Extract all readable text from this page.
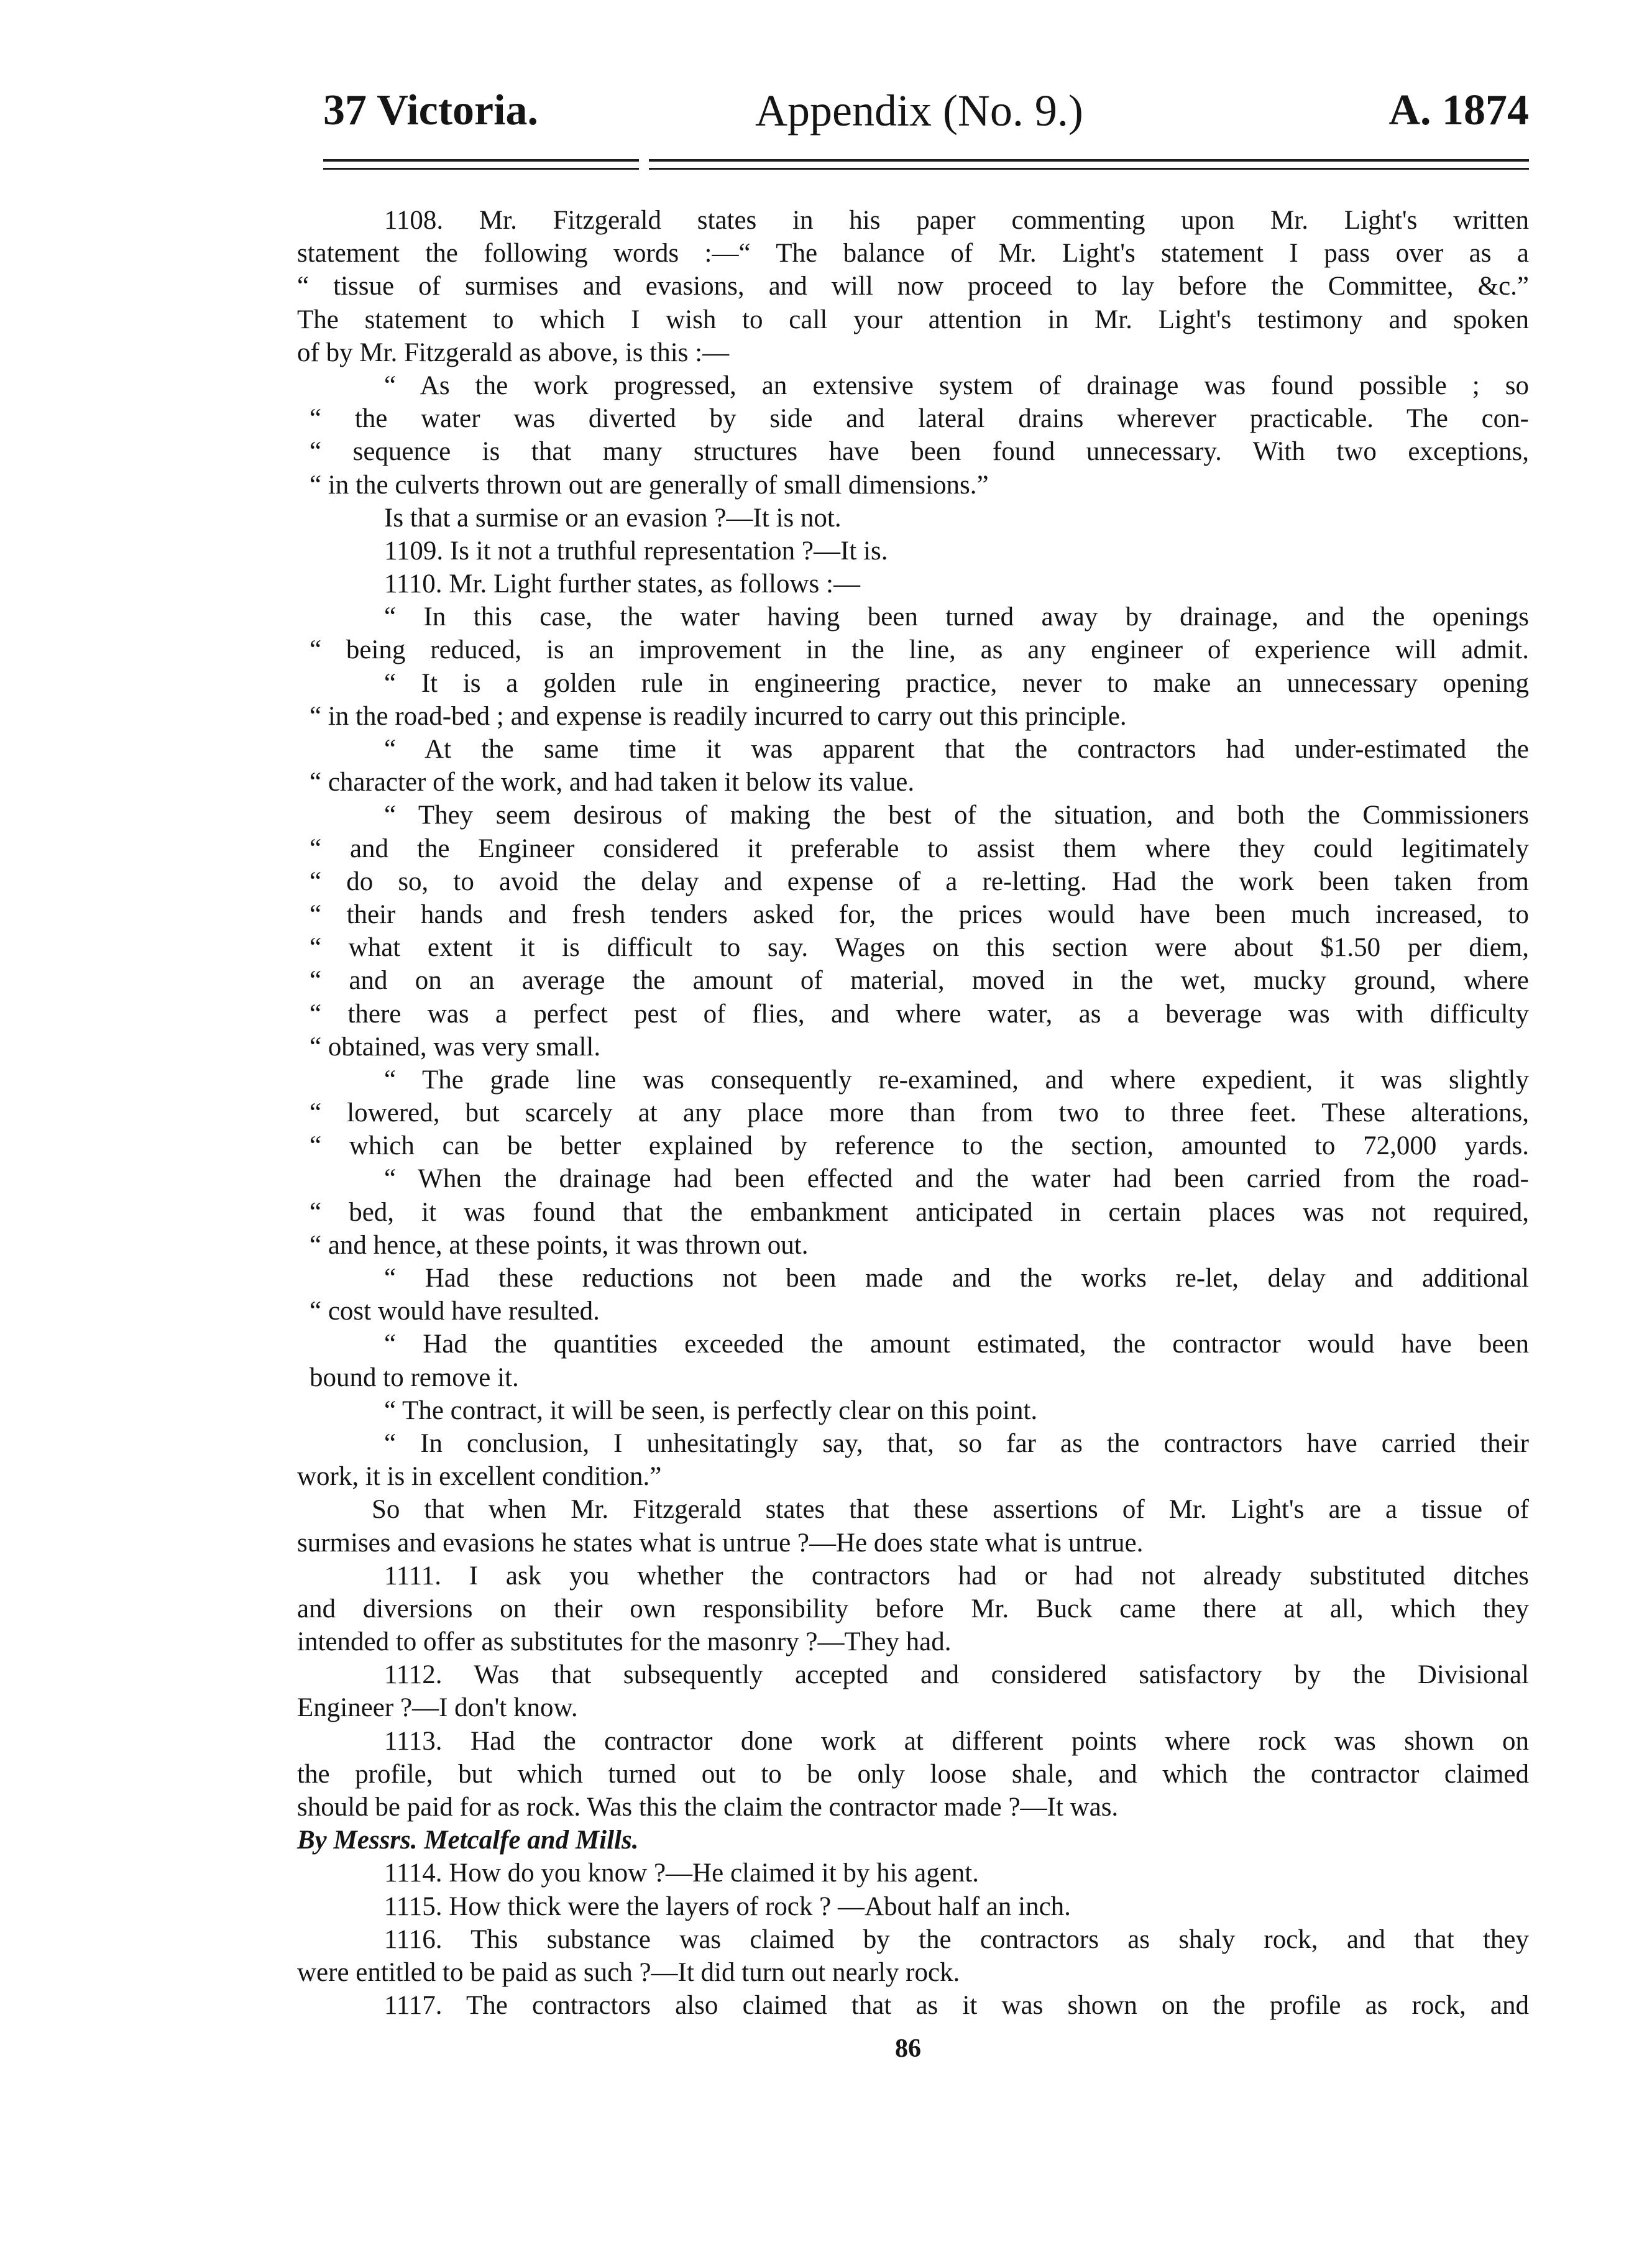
37 Victoria.	Appendix (No. 9.)	A. 1874
1108. Mr. Fitzgerald states in his paper commenting upon Mr. Light's written
statement the following words :—“ The balance of Mr. Light's statement I pass over as a
“ tissue of surmises and evasions, and will now proceed to lay before the Committee, &c.”
The statement to which I wish to call your attention in Mr. Light's testimony and spoken
of by Mr. Fitzgerald as above, is this :—
“ As the work progressed, an extensive system of drainage was found possible ; so
“ the water was diverted by side and lateral drains wherever practicable. The con-
“ sequence is that many structures have been found unnecessary. With two exceptions,
“ in the culverts thrown out are generally of small dimensions.”
Is that a surmise or an evasion ?—It is not.
1109. Is it not a truthful representation ?—It is.
1110. Mr. Light further states, as follows :—
“ In this case, the water having been turned away by drainage, and the openings
“ being reduced, is an improvement in the line, as any engineer of experience will admit.
“ It is a golden rule in engineering practice, never to make an unnecessary opening
“ in the road-bed ; and expense is readily incurred to carry out this principle.
“ At the same time it was apparent that the contractors had under-estimated the
“ character of the work, and had taken it below its value.
“ They seem desirous of making the best of the situation, and both the Commissioners
“ and the Engineer considered it preferable to assist them where they could legitimately
“ do so, to avoid the delay and expense of a re-letting. Had the work been taken from
“ their hands and fresh tenders asked for, the prices would have been much increased, to
“ what extent it is difficult to say. Wages on this section were about $1.50 per diem,
“ and on an average the amount of material, moved in the wet, mucky ground, where
“ there was a perfect pest of flies, and where water, as a beverage was with difficulty
“ obtained, was very small.
“ The grade line was consequently re-examined, and where expedient, it was slightly
“ lowered, but scarcely at any place more than from two to three feet. These alterations,
“ which can be better explained by reference to the section, amounted to 72,000 yards.
“ When the drainage had been effected and the water had been carried from the road-
“ bed, it was found that the embankment anticipated in certain places was not required,
“ and hence, at these points, it was thrown out.
“ Had these reductions not been made and the works re-let, delay and additional
“ cost would have resulted.
“ Had the quantities exceeded the amount estimated, the contractor would have been
bound to remove it.
“ The contract, it will be seen, is perfectly clear on this point.
“ In conclusion, I unhesitatingly say, that, so far as the contractors have carried their
work, it is in excellent condition.”
So that when Mr. Fitzgerald states that these assertions of Mr. Light's are a tissue of
surmises and evasions he states what is untrue ?—He does state what is untrue.
1111. I ask you whether the contractors had or had not already substituted ditches
and diversions on their own responsibility before Mr. Buck came there at all, which they
intended to offer as substitutes for the masonry ?—They had.
1112. Was that subsequently accepted and considered satisfactory by the Divisional
Engineer ?—I don't know.
1113. Had the contractor done work at different points where rock was shown on
the profile, but which turned out to be only loose shale, and which the contractor claimed
should be paid for as rock. Was this the claim the contractor made ?—It was.
By Messrs. Metcalfe and Mills.
1114. How do you know ?—He claimed it by his agent.
1115. How thick were the layers of rock ? —About half an inch.
1116. This substance was claimed by the contractors as shaly rock, and that they
were entitled to be paid as such ?—It did turn out nearly rock.
1117. The contractors also claimed that as it was shown on the profile as rock, and
86
